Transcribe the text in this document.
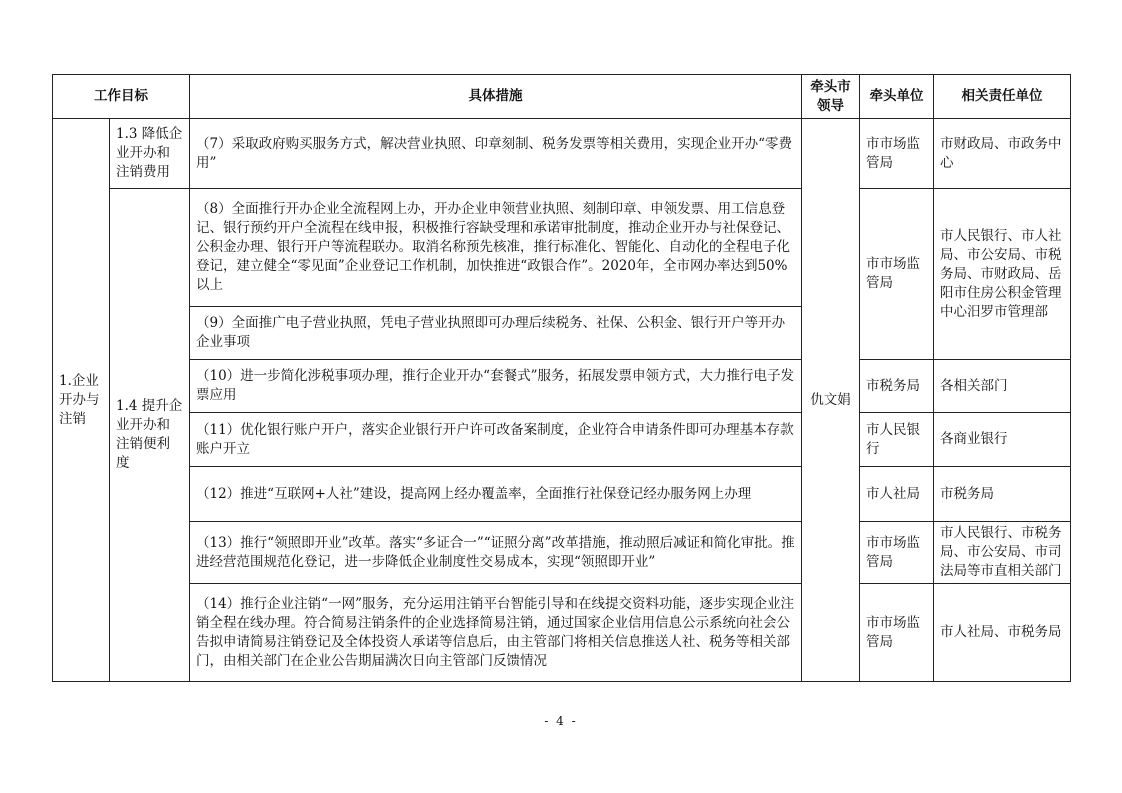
工作目标		具体措施	牵头市领导	牵头单位	相关责任单位
1.企业开办与注销	1.3 降低企业开办和注销费用	（7）采取政府购买服务方式，解决营业执照、印章刻制、税务发票等相关费用，实现企业开办“零费用”	仇文娟	市市场监管局	市财政局、市政务中心
	1.4 提升企业开办和注销便利度	（8）全面推行开办企业全流程网上办，开办企业申领营业执照、刻制印章、申领发票、用工信息登记、银行预约开户全流程在线申报，积极推行容缺受理和承诺审批制度，推动企业开办与社保登记、公积金办理、银行开户等流程联办。取消名称预先核准，推行标准化、智能化、自动化的全程电子化登记，建立健全“零见面”企业登记工作机制，加快推进“政银合作”。2020年，全市网办率达到50%以上		市市场监管局	市人民银行、市人社局、市公安局、市税务局、市财政局、岳阳市住房公积金管理中心汨罗市管理部
		（9）全面推广电子营业执照，凭电子营业执照即可办理后续税务、社保、公积金、银行开户等开办企业事项			
		（10）进一步简化涉税事项办理，推行企业开办“套餐式”服务，拓展发票申领方式，大力推行电子发票应用		市税务局	各相关部门
		（11）优化银行账户开户，落实企业银行开户许可改备案制度，企业符合申请条件即可办理基本存款账户开立		市人民银行	各商业银行
		（12）推进“互联网+人社”建设，提高网上经办覆盖率，全面推行社保登记经办服务网上办理		市人社局	市税务局
		（13）推行“领照即开业”改革。落实“多证合一”“证照分离”改革措施，推动照后减证和简化审批。推进经营范围规范化登记，进一步降低企业制度性交易成本，实现“领照即开业”		市市场监管局	市人民银行、市税务局、市公安局、市司法局等市直相关部门
		（14）推行企业注销“一网”服务，充分运用注销平台智能引导和在线提交资料功能，逐步实现企业注销全程在线办理。符合简易注销条件的企业选择简易注销，通过国家企业信用信息公示系统向社会公告拟申请简易注销登记及全体投资人承诺等信息后，由主管部门将相关信息推送人社、税务等相关部门，由相关部门在企业公告期届满次日向主管部门反馈情况		市市场监管局	市人社局、市税务局
- 4 -
